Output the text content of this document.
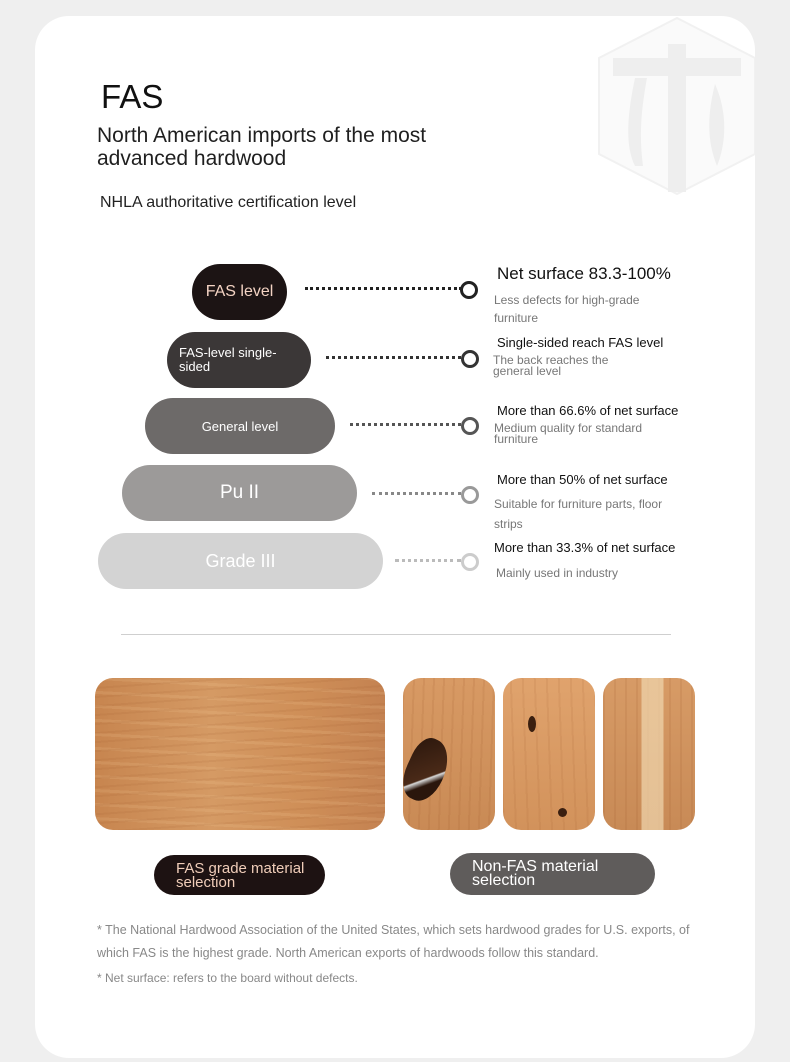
FAS
North American imports of the most advanced hardwood
NHLA authoritative certification level
FAS level
Net surface 83.3-100%
Less defects for high-grade furniture
FAS-level single-sided
Single-sided reach FAS level
The back reaches the general level
General level
More than 66.6% of net surface
Medium quality for standard furniture
Pu II
More than 50% of net surface
Suitable for furniture parts, floor strips
Grade III
More than 33.3% of net surface
Mainly used in industry
FAS grade material selection
Non-FAS material selection
* The National Hardwood Association of the United States, which sets hardwood grades for U.S. exports, of which FAS is the highest grade. North American exports of hardwoods follow this standard.
* Net surface: refers to the board without defects.
